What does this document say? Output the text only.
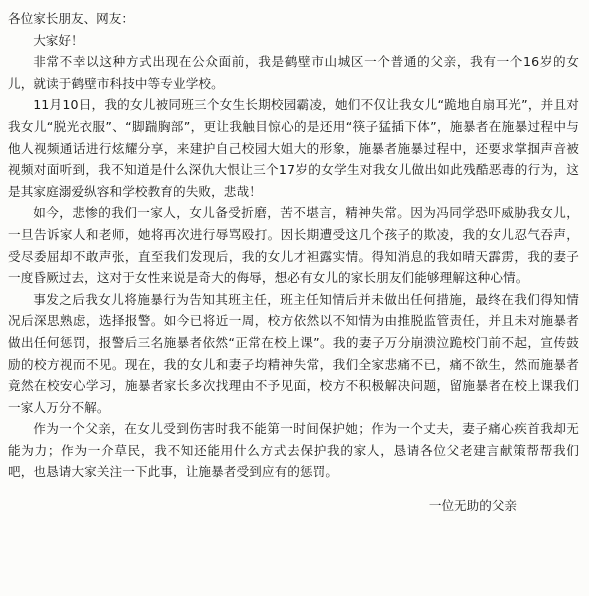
各位家长朋友、网友：

大家好！

非常不幸以这种方式出现在公众面前，我是鹤壁市山城区一个普通的父亲，我有一个16岁的女儿，就读于鹤壁市科技中等专业学校。

11月10日，我的女儿被同班三个女生长期校园霸凌，她们不仅让我女儿“跪地自扇耳光”，并且对我女儿“脱光衣服”、“脚踹胸部”，更让我触目惊心的是还用“筷子猛插下体”，施暴者在施暴过程中与他人视频通话进行炫耀分享，来建护自己校园大姐大的形象，施暴者施暴过程中，还要求掌掴声音被视频对面听到，我不知道是什么深仇大恨让三个17岁的女学生对我女儿做出如此残酷恶毒的行为，这是其家庭溺爱纵容和学校教育的失败，悲哉！

如今，悲惨的我们一家人，女儿备受折磨，苦不堪言，精神失常。因为冯同学恐吓威胁我女儿，一旦告诉家人和老师，她将再次进行辱骂殴打。因长期遭受这几个孩子的欺凌，我的女儿忍气吞声，受尽委屈却不敢声张，直至我们发现后，我的女儿才袒露实情。得知消息的我如晴天霹雳，我的妻子一度昏厥过去，这对于女性来说是奇大的侮辱，想必有女儿的家长朋友们能够理解这种心情。

事发之后我女儿将施暴行为告知其班主任，班主任知情后并未做出任何措施，最终在我们得知情况后深思熟虑，选择报警。如今已将近一周，校方依然以不知情为由推脱监管责任，并且未对施暴者做出任何惩罚，报警后三名施暴者依然“正常在校上课”。我的妻子万分崩溃泣跪校门前不起，宣传鼓励的校方视而不见。现在，我的女儿和妻子均精神失常，我们全家悲痛不已，痛不欲生，然而施暴者竟然在校安心学习，施暴者家长多次找理由不予见面，校方不积极解决问题，留施暴者在校上课我们一家人万分不解。

作为一个父亲，在女儿受到伤害时我不能第一时间保护她；作为一个丈夫，妻子痛心疾首我却无能为力；作为一介草民，我不知还能用什么方式去保护我的家人，恳请各位父老建言献策帮帮我们吧，也恳请大家关注一下此事，让施暴者受到应有的惩罚。

一位无助的父亲
